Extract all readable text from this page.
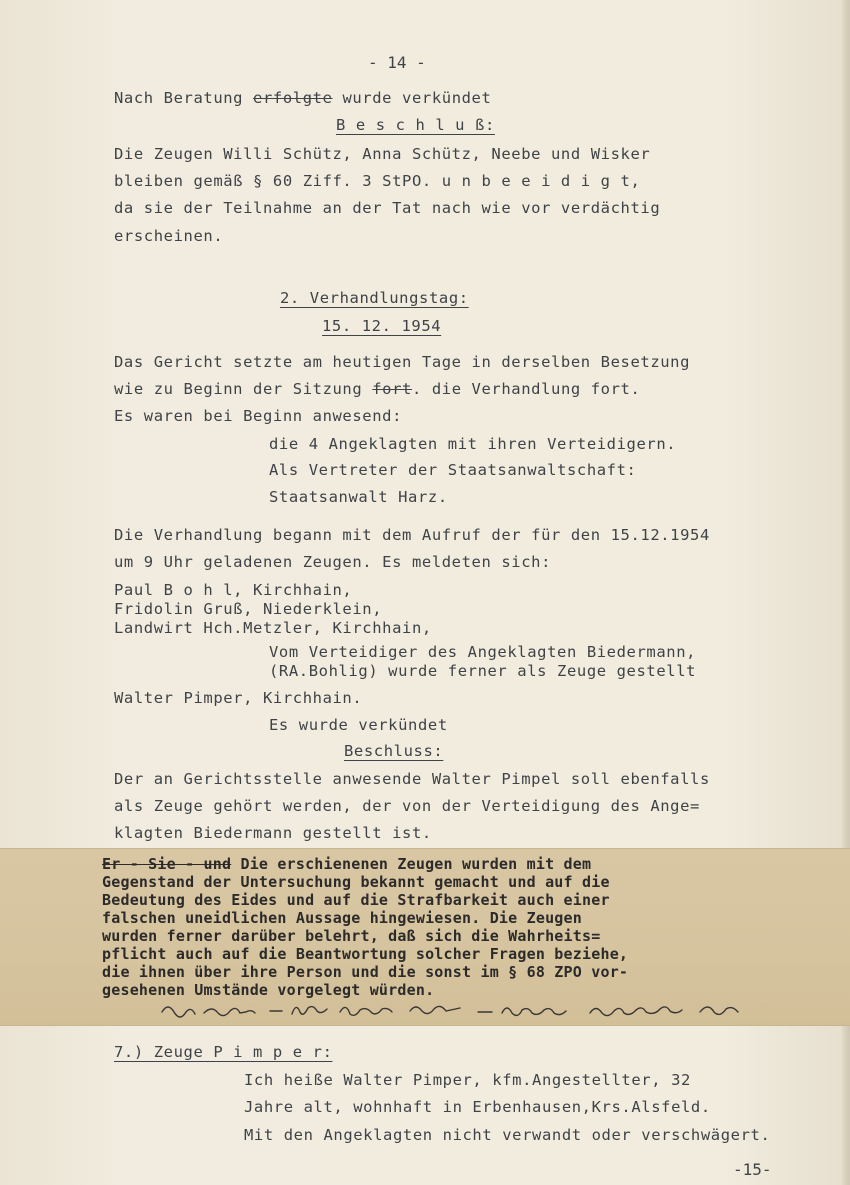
- 14 -
Nach Beratung erfolgte wurde verkündet
B e s c h l u ß:
Die Zeugen Willi Schütz, Anna Schütz, Neebe und Wisker
bleiben gemäß § 60 Ziff. 3 StPO. u n b e e i d i g t,
da sie der Teilnahme an der Tat nach wie vor verdächtig
erscheinen.
2. Verhandlungstag:
15. 12. 1954
Das Gericht setzte am heutigen Tage in derselben Besetzung
wie zu Beginn der Sitzung fort. die Verhandlung fort.
Es waren bei Beginn anwesend:
die 4 Angeklagten mit ihren Verteidigern.
Als Vertreter der Staatsanwaltschaft:
Staatsanwalt Harz.
Die Verhandlung begann mit dem Aufruf der für den 15.12.1954
um 9 Uhr geladenen Zeugen. Es meldeten sich:
Paul B o h l, Kirchhain,
Fridolin Gruß, Niederklein,
Landwirt Hch.Metzler, Kirchhain,
Vom Verteidiger des Angeklagten Biedermann,
(RA.Bohlig) wurde ferner als Zeuge gestellt
Walter Pimper, Kirchhain.
Es wurde verkündet
Beschluss:
Der an Gerichtsstelle anwesende Walter Pimpel soll ebenfalls
als Zeuge gehört werden, der von der Verteidigung des Ange=
klagten Biedermann gestellt ist.
Er - Sie - und Die erschienenen Zeugen wurden mit dem
Gegenstand der Untersuchung bekannt gemacht und auf die
Bedeutung des Eides und auf die Strafbarkeit auch einer
falschen uneidlichen Aussage hingewiesen. Die Zeugen
wurden ferner darüber belehrt, daß sich die Wahrheits=
pflicht auch auf die Beantwortung solcher Fragen beziehe,
die ihnen über ihre Person und die sonst im § 68 ZPO vor-
gesehenen Umstände vorgelegt würden.
7.) Zeuge P i m p e r:
Ich heiße Walter Pimper, kfm.Angestellter, 32
Jahre alt, wohnhaft in Erbenhausen,Krs.Alsfeld.
Mit den Angeklagten nicht verwandt oder verschwägert.
-15-
